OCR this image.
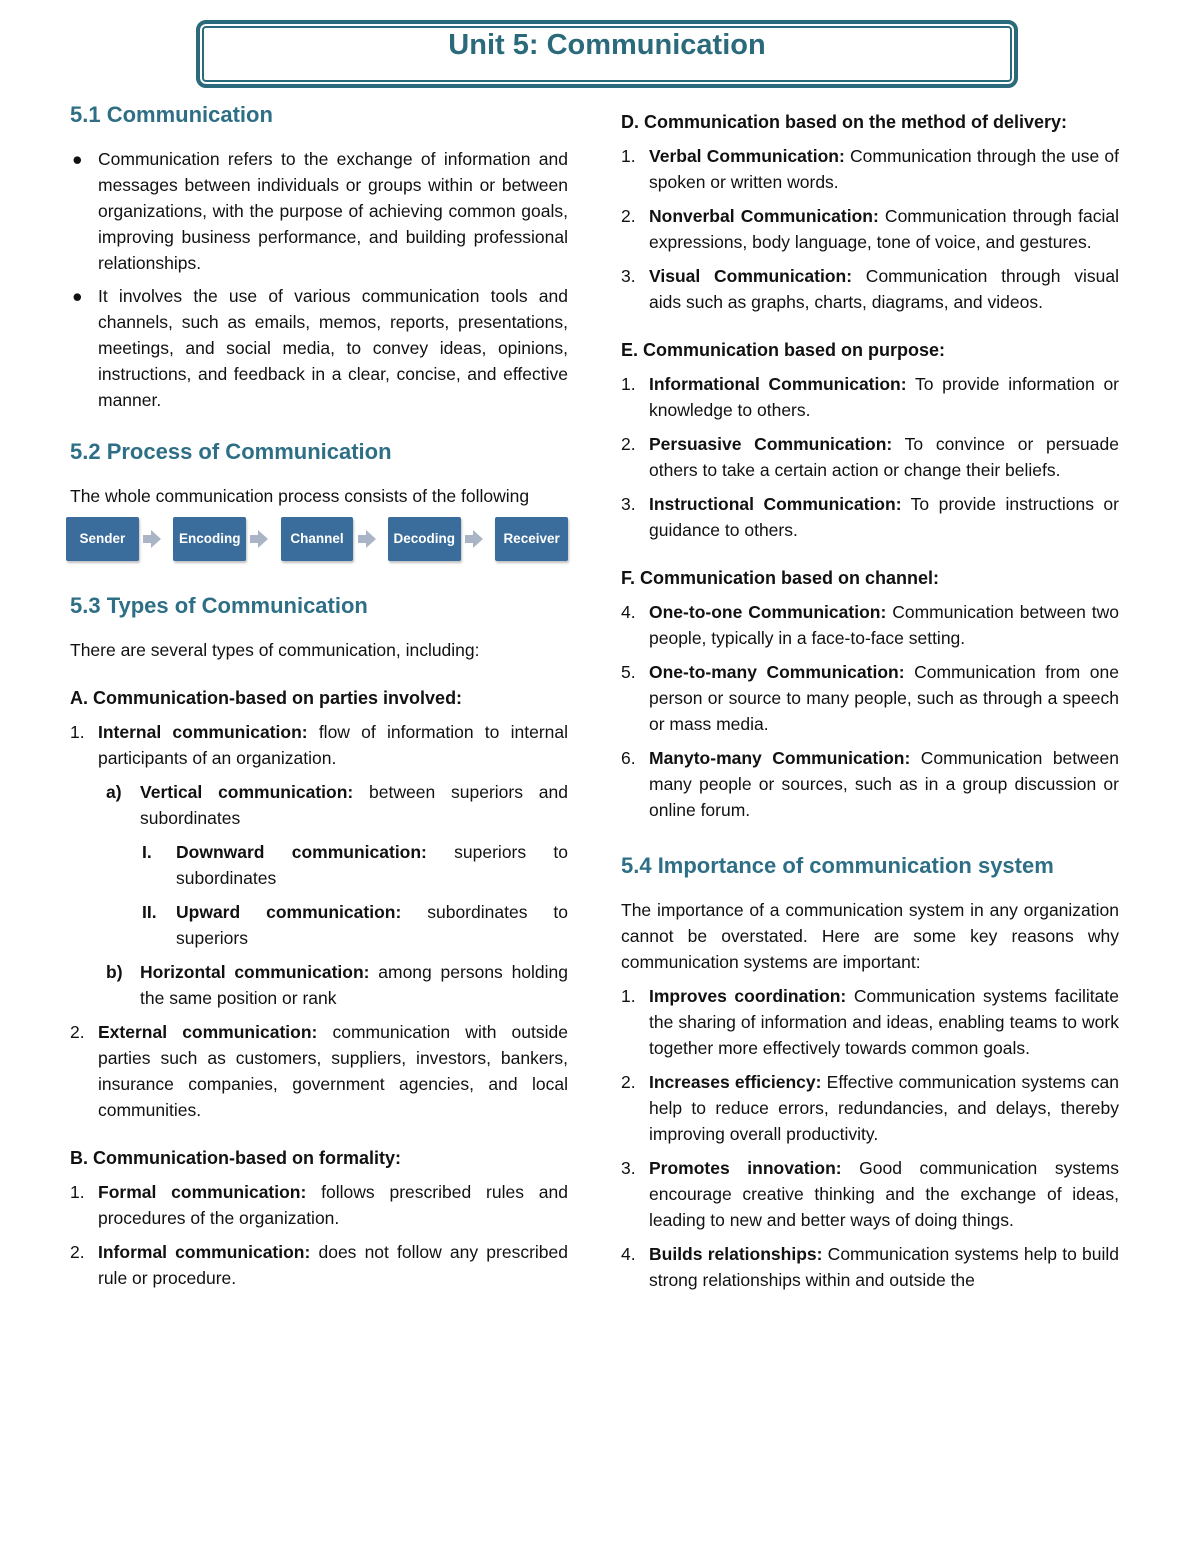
Unit 5: Communication
5.1 Communication
● Communication refers to the exchange of information and messages between individuals or groups within or between organizations, with the purpose of achieving common goals, improving business performance, and building professional relationships.
● It involves the use of various communication tools and channels, such as emails, memos, reports, presentations, meetings, and social media, to convey ideas, opinions, instructions, and feedback in a clear, concise, and effective manner.
5.2 Process of Communication

The whole communication process consists of the following

Sender	Encoding	Channel	Decoding	Receiver
5.3 Types of Communication

There are several types of communication, including:

A. Communication-based on parties involved:
1. Internal communication: flow of information to internal participants of an organization.
a) Vertical communication: between superiors and subordinates
I. Downward communication: superiors to subordinates
II. Upward communication: subordinates to superiors
b) Horizontal communication: among persons holding the same position or rank
2. External communication: communication with outside parties such as customers, suppliers, investors, bankers, insurance companies, government agencies, and local communities.
B. Communication-based on formality:
1. Formal communication: follows prescribed rules and procedures of the organization.
2. Informal communication: does not follow any prescribed rule or procedure.
D. Communication based on the method of delivery:
1. Verbal Communication: Communication through the use of spoken or written words.
2. Nonverbal Communication: Communication through facial expressions, body language, tone of voice, and gestures.
3. Visual Communication: Communication through visual aids such as graphs, charts, diagrams, and videos.
E. Communication based on purpose:
1. Informational Communication: To provide information or knowledge to others.
2. Persuasive Communication: To convince or persuade others to take a certain action or change their beliefs.
3. Instructional Communication: To provide instructions or guidance to others.
F. Communication based on channel:
4. One-to-one Communication: Communication between two people, typically in a face-to-face setting.
5. One-to-many Communication: Communication from one person or source to many people, such as through a speech or mass media.
6. Manyto-many Communication: Communication between many people or sources, such as in a group discussion or online forum.
5.4 Importance of communication system

The importance of a communication system in any organization cannot be overstated. Here are some key reasons why communication systems are important:

1. Improves coordination: Communication systems facilitate the sharing of information and ideas, enabling teams to work together more effectively towards common goals.
2. Increases efficiency: Effective communication systems can help to reduce errors, redundancies, and delays, thereby improving overall productivity.
3. Promotes innovation: Good communication systems encourage creative thinking and the exchange of ideas, leading to new and better ways of doing things.
4. Builds relationships: Communication systems help to build strong relationships within and outside the
